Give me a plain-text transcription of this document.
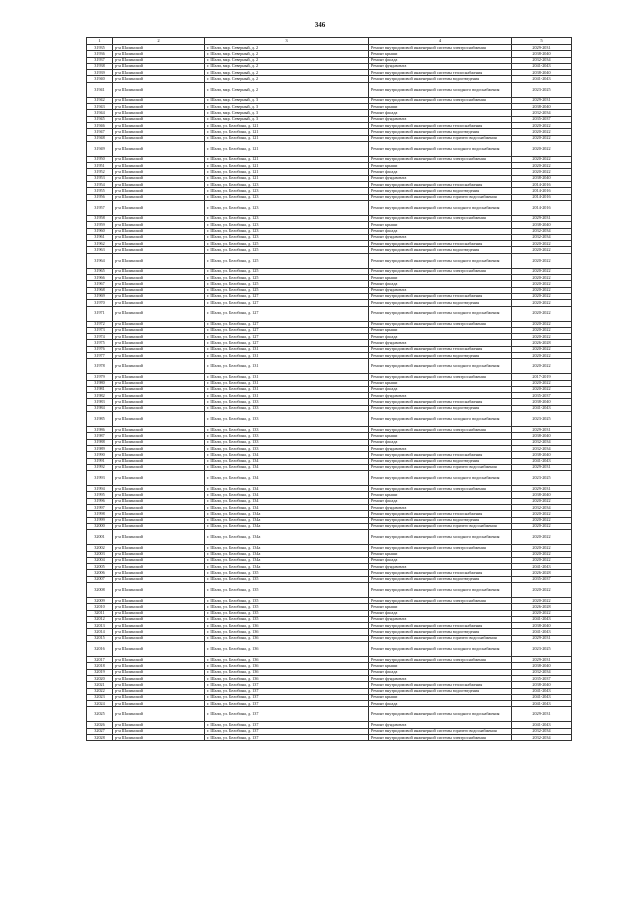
346
1	2	3	4	5
31935	р-н Шалинский	г. Шали, мкр. Северный, д. 2	Ремонт внутридомовой инженерной системы электроснабжения	2029-2031
31936	р-н Шалинский	г. Шали, мкр. Северный, д. 2	Ремонт крыши	2038-2040
31937	р-н Шалинский	г. Шали, мкр. Северный, д. 2	Ремонт фасада	2032-2034
31938	р-н Шалинский	г. Шали, мкр. Северный, д. 2	Ремонт фундамента	2041-2043
31939	р-н Шалинский	г. Шали, мкр. Северный, д. 2	Ремонт внутридомовой инженерной системы теплоснабжения	2038-2040
31940	р-н Шалинский	г. Шали, мкр. Северный, д. 2	Ремонт внутридомовой инженерной системы водоотведения	2041-2043
31941	р-н Шалинский	г. Шали, мкр. Северный, д. 2	Ремонт внутридомовой инженерной системы холодного водоснабжения	2023-2025
31942	р-н Шалинский	г. Шали, мкр. Северный, д. 3	Ремонт внутридомовой инженерной системы электроснабжения	2029-2031
31943	р-н Шалинский	г. Шали, мкр. Северный, д. 3	Ремонт крыши	2038-2040
31944	р-н Шалинский	г. Шали, мкр. Северный, д. 3	Ремонт фасада	2032-2034
31945	р-н Шалинский	г. Шали, мкр. Северный, д. 3	Ремонт фундамента	2035-2037
31946	р-н Шалинский	г. Шали, ул. Белобина, д. 121	Ремонт внутридомовой инженерной системы теплоснабжения	2020-2022
31947	р-н Шалинский	г. Шали, ул. Белобина, д. 121	Ремонт внутридомовой инженерной системы водоотведения	2020-2022
31948	р-н Шалинский	г. Шали, ул. Белобина, д. 121	Ремонт внутридомовой инженерной системы горячего водоснабжения	2020-2022
31949	р-н Шалинский	г. Шали, ул. Белобина, д. 121	Ремонт внутридомовой инженерной системы холодного водоснабжения	2020-2022
31950	р-н Шалинский	г. Шали, ул. Белобина, д. 121	Ремонт внутридомовой инженерной системы электроснабжения	2020-2022
31951	р-н Шалинский	г. Шали, ул. Белобина, д. 121	Ремонт крыши	2020-2022
31952	р-н Шалинский	г. Шали, ул. Белобина, д. 121	Ремонт фасада	2020-2022
31953	р-н Шалинский	г. Шали, ул. Белобина, д. 121	Ремонт фундамента	2038-2040
31954	р-н Шалинский	г. Шали, ул. Белобина, д. 123	Ремонт внутридомовой инженерной системы теплоснабжения	2014-2016
31955	р-н Шалинский	г. Шали, ул. Белобина, д. 123	Ремонт внутридомовой инженерной системы водоотведения	2014-2016
31956	р-н Шалинский	г. Шали, ул. Белобина, д. 123	Ремонт внутридомовой инженерной системы горячего водоснабжения	2014-2016
31957	р-н Шалинский	г. Шали, ул. Белобина, д. 123	Ремонт внутридомовой инженерной системы холодного водоснабжения	2014-2016
31958	р-н Шалинский	г. Шали, ул. Белобина, д. 123	Ремонт внутридомовой инженерной системы электроснабжения	2029-2031
31959	р-н Шалинский	г. Шали, ул. Белобина, д. 123	Ремонт крыши	2038-2040
31960	р-н Шалинский	г. Шали, ул. Белобина, д. 123	Ремонт фасада	2032-2034
31961	р-н Шалинский	г. Шали, ул. Белобина, д. 123	Ремонт фундамента	2032-2034
31962	р-н Шалинский	г. Шали, ул. Белобина, д. 125	Ремонт внутридомовой инженерной системы теплоснабжения	2020-2022
31963	р-н Шалинский	г. Шали, ул. Белобина, д. 125	Ремонт внутридомовой инженерной системы водоотведения	2020-2022
31964	р-н Шалинский	г. Шали, ул. Белобина, д. 125	Ремонт внутридомовой инженерной системы холодного водоснабжения	2020-2022
31965	р-н Шалинский	г. Шали, ул. Белобина, д. 125	Ремонт внутридомовой инженерной системы электроснабжения	2020-2022
31966	р-н Шалинский	г. Шали, ул. Белобина, д. 125	Ремонт крыши	2020-2022
31967	р-н Шалинский	г. Шали, ул. Белобина, д. 125	Ремонт фасада	2020-2022
31968	р-н Шалинский	г. Шали, ул. Белобина, д. 125	Ремонт фундамента	2020-2022
31969	р-н Шалинский	г. Шали, ул. Белобина, д. 127	Ремонт внутридомовой инженерной системы теплоснабжения	2020-2022
31970	р-н Шалинский	г. Шали, ул. Белобина, д. 127	Ремонт внутридомовой инженерной системы водоотведения	2020-2022
31971	р-н Шалинский	г. Шали, ул. Белобина, д. 127	Ремонт внутридомовой инженерной системы холодного водоснабжения	2020-2022
31972	р-н Шалинский	г. Шали, ул. Белобина, д. 127	Ремонт внутридомовой инженерной системы электроснабжения	2020-2022
31973	р-н Шалинский	г. Шали, ул. Белобина, д. 127	Ремонт крыши	2020-2022
31974	р-н Шалинский	г. Шали, ул. Белобина, д. 127	Ремонт фасада	2020-2022
31975	р-н Шалинский	г. Шали, ул. Белобина, д. 127	Ремонт фундамента	2026-2028
31976	р-н Шалинский	г. Шали, ул. Белобина, д. 131	Ремонт внутридомовой инженерной системы теплоснабжения	2020-2022
31977	р-н Шалинский	г. Шали, ул. Белобина, д. 131	Ремонт внутридомовой инженерной системы водоотведения	2020-2022
31978	р-н Шалинский	г. Шали, ул. Белобина, д. 131	Ремонт внутридомовой инженерной системы холодного водоснабжения	2020-2022
31979	р-н Шалинский	г. Шали, ул. Белобина, д. 131	Ремонт внутридомовой инженерной системы электроснабжения	2017-2019
31980	р-н Шалинский	г. Шали, ул. Белобина, д. 131	Ремонт крыши	2020-2022
31981	р-н Шалинский	г. Шали, ул. Белобина, д. 131	Ремонт фасада	2020-2022
31982	р-н Шалинский	г. Шали, ул. Белобина, д. 131	Ремонт фундамента	2035-2037
31983	р-н Шалинский	г. Шали, ул. Белобина, д. 133	Ремонт внутридомовой инженерной системы теплоснабжения	2038-2040
31984	р-н Шалинский	г. Шали, ул. Белобина, д. 133	Ремонт внутридомовой инженерной системы водоотведения	2041-2043
31985	р-н Шалинский	г. Шали, ул. Белобина, д. 133	Ремонт внутридомовой инженерной системы холодного водоснабжения	2023-2025
31986	р-н Шалинский	г. Шали, ул. Белобина, д. 133	Ремонт внутридомовой инженерной системы электроснабжения	2029-2031
31987	р-н Шалинский	г. Шали, ул. Белобина, д. 133	Ремонт крыши	2038-2040
31988	р-н Шалинский	г. Шали, ул. Белобина, д. 133	Ремонт фасада	2032-2034
31989	р-н Шалинский	г. Шали, ул. Белобина, д. 133	Ремонт фундамента	2032-2034
31990	р-н Шалинский	г. Шали, ул. Белобина, д. 134	Ремонт внутридомовой инженерной системы теплоснабжения	2038-2040
31991	р-н Шалинский	г. Шали, ул. Белобина, д. 134	Ремонт внутридомовой инженерной системы водоотведения	2041-2043
31992	р-н Шалинский	г. Шали, ул. Белобина, д. 134	Ремонт внутридомовой инженерной системы горячего водоснабжения	2029-2031
31993	р-н Шалинский	г. Шали, ул. Белобина, д. 134	Ремонт внутридомовой инженерной системы холодного водоснабжения	2023-2025
31994	р-н Шалинский	г. Шали, ул. Белобина, д. 134	Ремонт внутридомовой инженерной системы электроснабжения	2029-2031
31995	р-н Шалинский	г. Шали, ул. Белобина, д. 134	Ремонт крыши	2038-2040
31996	р-н Шалинский	г. Шали, ул. Белобина, д. 134	Ремонт фасада	2020-2022
31997	р-н Шалинский	г. Шали, ул. Белобина, д. 134	Ремонт фундамента	2032-2034
31998	р-н Шалинский	г. Шали, ул. Белобина, д. 134а	Ремонт внутридомовой инженерной системы теплоснабжения	2020-2022
31999	р-н Шалинский	г. Шали, ул. Белобина, д. 134а	Ремонт внутридомовой инженерной системы водоотведения	2020-2022
32000	р-н Шалинский	г. Шали, ул. Белобина, д. 134а	Ремонт внутридомовой инженерной системы горячего водоснабжения	2020-2022
32001	р-н Шалинский	г. Шали, ул. Белобина, д. 134а	Ремонт внутридомовой инженерной системы холодного водоснабжения	2020-2022
32002	р-н Шалинский	г. Шали, ул. Белобина, д. 134а	Ремонт внутридомовой инженерной системы электроснабжения	2020-2022
32003	р-н Шалинский	г. Шали, ул. Белобина, д. 134а	Ремонт крыши	2020-2022
32004	р-н Шалинский	г. Шали, ул. Белобина, д. 134а	Ремонт фасада	2020-2022
32005	р-н Шалинский	г. Шали, ул. Белобина, д. 134а	Ремонт фундамента	2041-2043
32006	р-н Шалинский	г. Шали, ул. Белобина, д. 135	Ремонт внутридомовой инженерной системы теплоснабжения	2026-2028
32007	р-н Шалинский	г. Шали, ул. Белобина, д. 135	Ремонт внутридомовой инженерной системы водоотведения	2035-2037
32008	р-н Шалинский	г. Шали, ул. Белобина, д. 135	Ремонт внутридомовой инженерной системы холодного водоснабжения	2020-2022
32009	р-н Шалинский	г. Шали, ул. Белобина, д. 135	Ремонт внутридомовой инженерной системы электроснабжения	2020-2022
32010	р-н Шалинский	г. Шали, ул. Белобина, д. 135	Ремонт крыши	2026-2028
32011	р-н Шалинский	г. Шали, ул. Белобина, д. 135	Ремонт фасада	2020-2022
32012	р-н Шалинский	г. Шали, ул. Белобина, д. 135	Ремонт фундамента	2041-2043
32013	р-н Шалинский	г. Шали, ул. Белобина, д. 136	Ремонт внутридомовой инженерной системы теплоснабжения	2038-2040
32014	р-н Шалинский	г. Шали, ул. Белобина, д. 136	Ремонт внутридомовой инженерной системы водоотведения	2041-2043
32015	р-н Шалинский	г. Шали, ул. Белобина, д. 136	Ремонт внутридомовой инженерной системы горячего водоснабжения	2029-2031
32016	р-н Шалинский	г. Шали, ул. Белобина, д. 136	Ремонт внутридомовой инженерной системы холодного водоснабжения	2023-2025
32017	р-н Шалинский	г. Шали, ул. Белобина, д. 136	Ремонт внутридомовой инженерной системы электроснабжения	2029-2031
32018	р-н Шалинский	г. Шали, ул. Белобина, д. 136	Ремонт крыши	2038-2040
32019	р-н Шалинский	г. Шали, ул. Белобина, д. 136	Ремонт фасада	2032-2034
32020	р-н Шалинский	г. Шали, ул. Белобина, д. 136	Ремонт фундамента	2035-2037
32021	р-н Шалинский	г. Шали, ул. Белобина, д. 137	Ремонт внутридомовой инженерной системы теплоснабжения	2038-2040
32022	р-н Шалинский	г. Шали, ул. Белобина, д. 137	Ремонт внутридомовой инженерной системы водоотведения	2041-2043
32023	р-н Шалинский	г. Шали, ул. Белобина, д. 137	Ремонт крыши	2041-2043
32024	р-н Шалинский	г. Шали, ул. Белобина, д. 137	Ремонт фасада	2041-2043
32025	р-н Шалинский	г. Шали, ул. Белобина, д. 137	Ремонт внутридомовой инженерной системы холодного водоснабжения	2029-2031
32026	р-н Шалинский	г. Шали, ул. Белобина, д. 137	Ремонт фундамента	2041-2043
32027	р-н Шалинский	г. Шали, ул. Белобина, д. 137	Ремонт внутридомовой инженерной системы горячего водоснабжения	2032-2034
32028	р-н Шалинский	г. Шали, ул. Белобина, д. 137	Ремонт внутридомовой инженерной системы электроснабжения	2032-2034
